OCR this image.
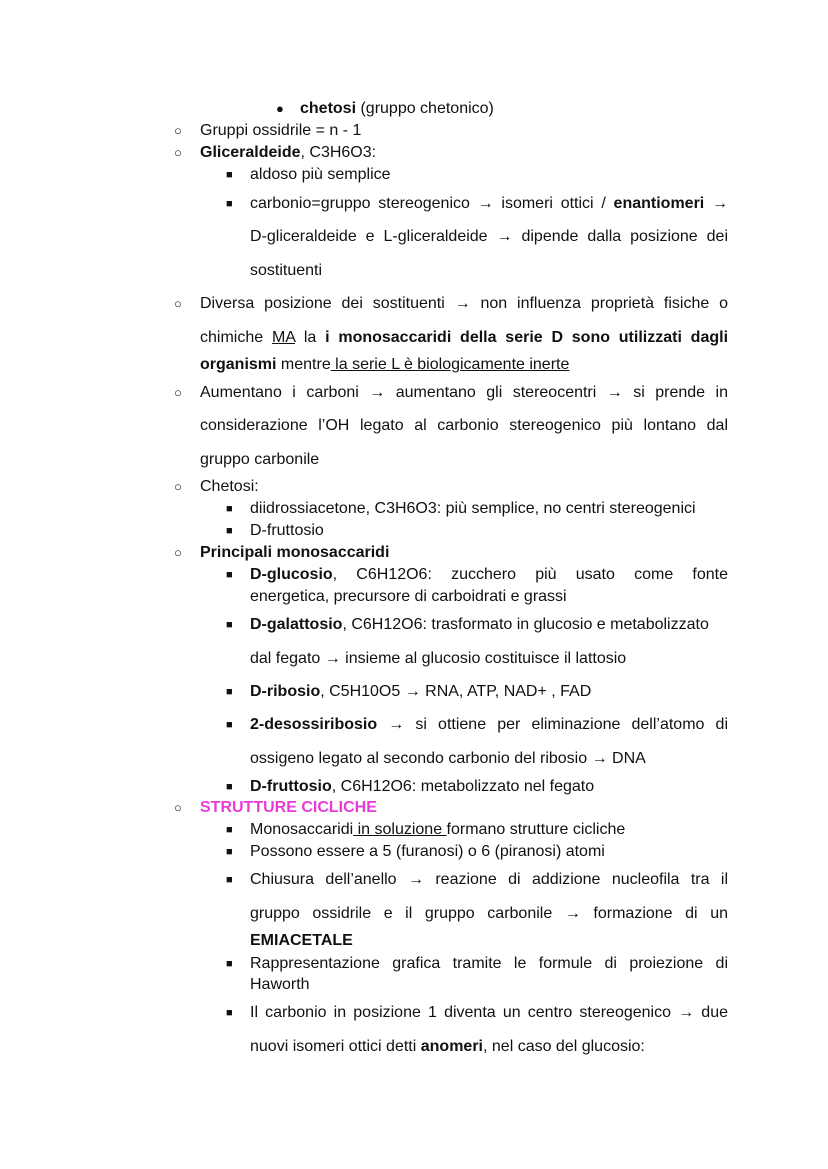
●
○
○
■
■
○
○
○
■
■
○
■
■
■
■
■
○
■
■
■
■
■
chetosi (gruppo chetonico)
Gruppi ossidrile = n - 1
Gliceraldeide, C3H6O3:
aldoso più semplice
carbonio=gruppo stereogenico → isomeri ottici / enantiomeri →
D-gliceraldeide e L-gliceraldeide → dipende dalla posizione dei
sostituenti
Diversa posizione dei sostituenti → non influenza proprietà fisiche o
chimiche MA la i monosaccaridi della serie D sono utilizzati dagli
organismi mentre la serie L è biologicamente inerte
Aumentano i carboni → aumentano gli stereocentri → si prende in
considerazione l’OH legato al carbonio stereogenico più lontano dal
gruppo carbonile
Chetosi:
diidrossiacetone, C3H6O3: più semplice, no centri stereogenici
D-fruttosio
Principali monosaccaridi
D-glucosio, C6H12O6: zucchero più usato come fonte
energetica, precursore di carboidrati e grassi
D-galattosio, C6H12O6: trasformato in glucosio e metabolizzato
dal fegato → insieme al glucosio costituisce il lattosio
D-ribosio, C5H10O5 → RNA, ATP, NAD+ , FAD
2-desossiribosio → si ottiene per eliminazione dell’atomo di
ossigeno legato al secondo carbonio del ribosio → DNA
D-fruttosio, C6H12O6: metabolizzato nel fegato
STRUTTURE CICLICHE
Monosaccaridi in soluzione formano strutture cicliche
Possono essere a 5 (furanosi) o 6 (piranosi) atomi
Chiusura dell’anello → reazione di addizione nucleofila tra il
gruppo ossidrile e il gruppo carbonile → formazione di un
EMIACETALE
Rappresentazione grafica tramite le formule di proiezione di
Haworth
Il carbonio in posizione 1 diventa un centro stereogenico → due
nuovi isomeri ottici detti anomeri, nel caso del glucosio:
